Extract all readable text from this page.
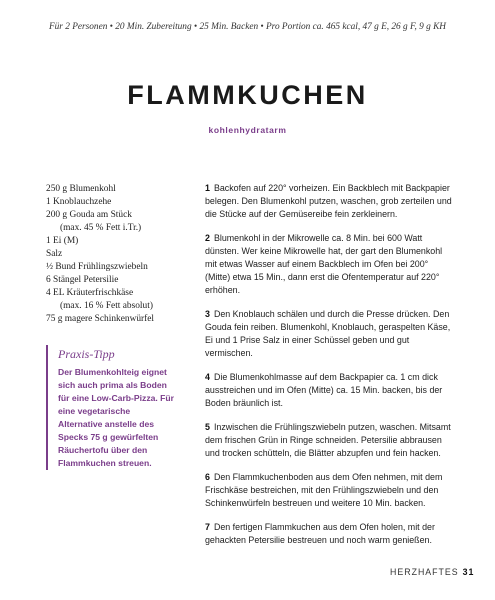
Für 2 Personen • 20 Min. Zubereitung • 25 Min. Backen • Pro Portion ca. 465 kcal, 47 g E, 26 g F, 9 g KH
FLAMMKUCHEN
kohlenhydratarm
250 g Blumenkohl
1 Knoblauchzehe
200 g Gouda am Stück
(max. 45 % Fett i.Tr.)
1 Ei (M)
Salz
½ Bund Frühlingszwiebeln
6 Stängel Petersilie
4 EL Kräuterfrischkäse
(max. 16 % Fett absolut)
75 g magere Schinkenwürfel
Praxis-Tipp
Der Blumenkohlteig eignet sich auch prima als Boden für eine Low-Carb-Pizza. Für eine vegetarische Alternative anstelle des Specks 75 g gewürfelten Räuchertofu über den Flammkuchen streuen.
1 Backofen auf 220° vorheizen. Ein Backblech mit Backpapier belegen. Den Blumenkohl putzen, waschen, grob zerteilen und die Stücke auf der Gemüsereibe fein zerkleinern.
2 Blumenkohl in der Mikrowelle ca. 8 Min. bei 600 Watt dünsten. Wer keine Mikrowelle hat, der gart den Blumenkohl mit etwas Wasser auf einem Backblech im Ofen bei 200° (Mitte) etwa 15 Min., dann erst die Ofentemperatur auf 220° erhöhen.
3 Den Knoblauch schälen und durch die Presse drücken. Den Gouda fein reiben. Blumenkohl, Knoblauch, geraspelten Käse, Ei und 1 Prise Salz in einer Schüssel geben und gut vermischen.
4 Die Blumenkohlmasse auf dem Backpapier ca. 1 cm dick ausstreichen und im Ofen (Mitte) ca. 15 Min. backen, bis der Boden bräunlich ist.
5 Inzwischen die Frühlingszwiebeln putzen, waschen. Mitsamt dem frischen Grün in Ringe schneiden. Petersilie abbrausen und trocken schütteln, die Blätter abzupfen und fein hacken.
6 Den Flammkuchenboden aus dem Ofen nehmen, mit dem Frischkäse bestreichen, mit den Frühlingszwiebeln und den Schinkenwürfeln bestreuen und weitere 10 Min. backen.
7 Den fertigen Flammkuchen aus dem Ofen holen, mit der gehackten Petersilie bestreuen und noch warm genießen.
HERZHAFTES 31
